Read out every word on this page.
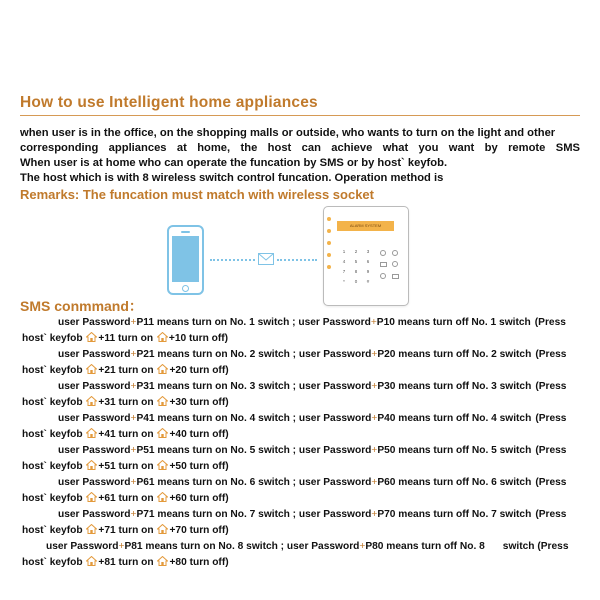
How to use Intelligent home appliances
when user is in the office, on the shopping malls or outside, who wants to turn on the light and other
corresponding appliances at home, the host can achieve what you want by remote SMS
When user is at home who can operate the funcation by SMS or by host` keyfob.
The host which is with 8 wireless switch control funcation. Operation method is
Remarks: The funcation must match with wireless socket
ALARM SYSTEM
1	2	3
4	5	6
7	8	9
*	0	#
SMS conmmand：
user Password+P11 means turn on No. 1 switch ; user Password+P10 means turn off No. 1 switch (Press
host` keyfob +11 turn on +10 turn off)
user Password+P21 means turn on No. 2 switch ; user Password+P20 means turn off No. 2 switch (Press
host` keyfob +21 turn on +20 turn off)
user Password+P31 means turn on No. 3 switch ; user Password+P30 means turn off No. 3 switch (Press
host` keyfob +31 turn on +30 turn off)
user Password+P41 means turn on No. 4 switch ; user Password+P40 means turn off No. 4 switch (Press
host` keyfob +41 turn on +40 turn off)
user Password+P51 means turn on No. 5 switch ; user Password+P50 means turn off No. 5 switch (Press
host` keyfob +51 turn on +50 turn off)
user Password+P61 means turn on No. 6 switch ; user Password+P60 means turn off No. 6 switch (Press
host` keyfob +61 turn on +60 turn off)
user Password+P71 means turn on No. 7 switch ; user Password+P70 means turn off No. 7 switch (Press
host` keyfob +71 turn on +70 turn off)
user Password+P81 means turn on No. 8 switch ; user Password+P80 means turn off No. 8 switch (Press
host` keyfob +81 turn on +80 turn off)
